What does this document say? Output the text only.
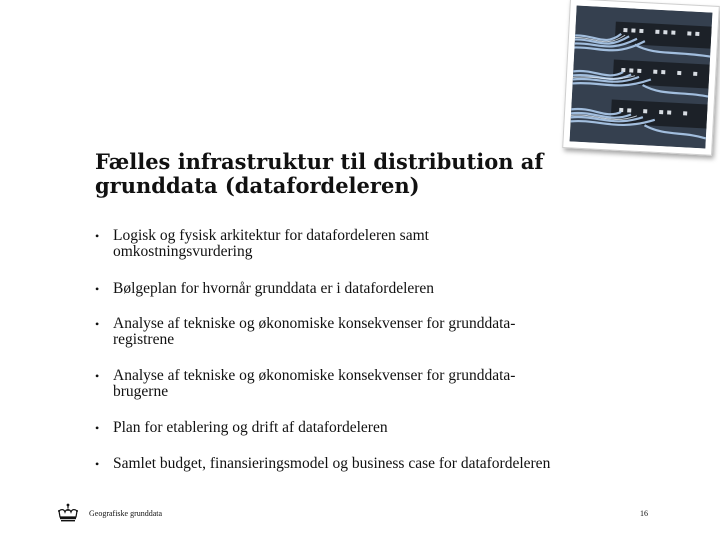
Fælles infrastruktur til distribution af
grunddata (datafordeleren)
• Logisk og fysisk arkitektur for datafordeleren samt
omkostningsvurdering
• Bølgeplan for hvornår grunddata er i datafordeleren
• Analyse af tekniske og økonomiske konsekvenser for grunddata-
registrene
• Analyse af tekniske og økonomiske konsekvenser for grunddata-
brugerne
• Plan for etablering og drift af datafordeleren
• Samlet budget, finansieringsmodel og business case for datafordeleren
Geografiske grunddata	16
